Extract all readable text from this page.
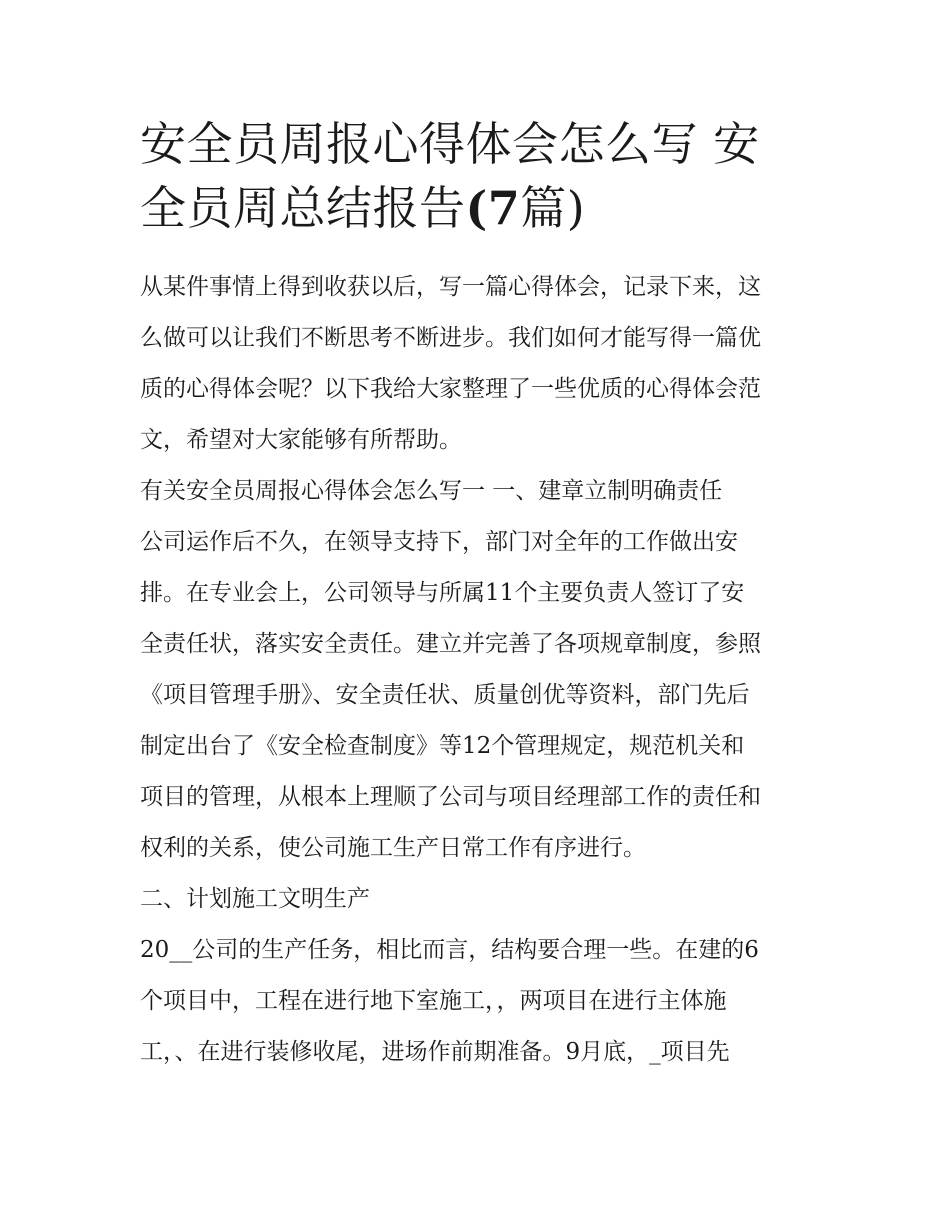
安全员周报心得体会怎么写 安
全员周总结报告(7篇)

从某件事情上得到收获以后，写一篇心得体会，记录下来，这
么做可以让我们不断思考不断进步。我们如何才能写得一篇优
质的心得体会呢？以下我给大家整理了一些优质的心得体会范
文，希望对大家能够有所帮助。

有关安全员周报心得体会怎么写一 一、建章立制明确责任

公司运作后不久，在领导支持下，部门对全年的工作做出安
排。在专业会上，公司领导与所属11个主要负责人签订了安
全责任状，落实安全责任。建立并完善了各项规章制度，参照
《项目管理手册》、安全责任状、质量创优等资料，部门先后
制定出台了《安全检查制度》等12个管理规定，规范机关和
项目的管理，从根本上理顺了公司与项目经理部工作的责任和
权利的关系，使公司施工生产日常工作有序进行。

二、计划施工文明生产

20__公司的生产任务，相比而言，结构要合理一些。在建的6
个项目中，工程在进行地下室施工，，两项目在进行主体施
工，、在进行装修收尾，进场作前期准备。9月底，_项目先
